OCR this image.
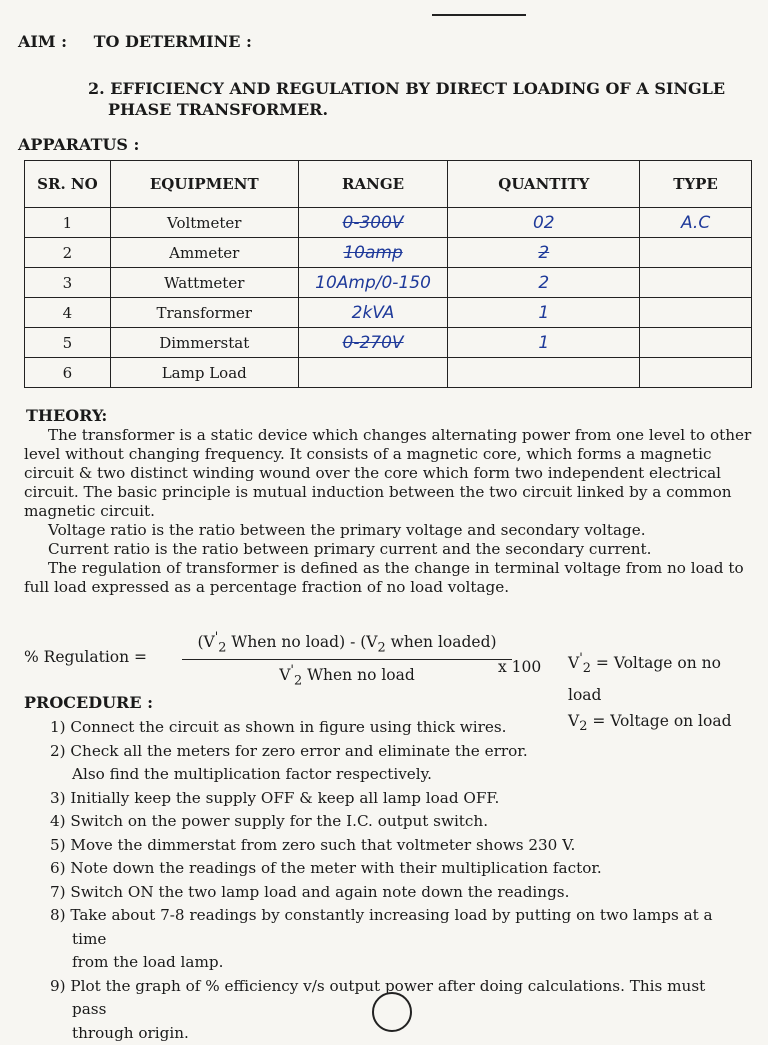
AIM : TO DETERMINE :
2. EFFICIENCY AND REGULATION BY DIRECT LOADING OF A SINGLE
PHASE TRANSFORMER.
APPARATUS :
SR. NO	EQUIPMENT	RANGE	QUANTITY	TYPE
1	Voltmeter	0-300V	02	A.C
2	Ammeter	10amp	2	
3	Wattmeter	10Amp/0-150	2	
4	Transformer	2kVA	1	
5	Dimmerstat	0-270V	1	
6	Lamp Load			
THEORY:

The transformer is a static device which changes alternating power from one level to other level without changing frequency. It consists of a magnetic core, which forms a magnetic circuit & two distinct winding wound over the core which form two independent electrical circuit. The basic principle is mutual induction between the two circuit linked by a common magnetic circuit.

Voltage ratio is the ratio between the primary voltage and secondary voltage.

Current ratio is the ratio between primary current and the secondary current.

The regulation of transformer is defined as the change in terminal voltage from no load to full load expressed as a percentage fraction of no load voltage.

% Regulation =
($V'_2$ When no load) - ($V_2$ when loaded)
$V'_2$ When no load	x 100 $V'_2$ = Voltage on no load
$V_2$ = Voltage on load
PROCEDURE :
1) Connect the circuit as shown in figure using thick wires.
2) Check all the meters for zero error and eliminate the error.
Also find the multiplication factor respectively.
3) Initially keep the supply OFF & keep all lamp load OFF.
4) Switch on the power supply for the I.C. output switch.
5) Move the dimmerstat from zero such that voltmeter shows 230 V.
6) Note down the readings of the meter with their multiplication factor.
7) Switch ON the two lamp load and again note down the readings.
8) Take about 7-8 readings by constantly increasing load by putting on two lamps at a time
from the load lamp.
9) Plot the graph of % efficiency v/s output power after doing calculations. This must pass
through origin.
